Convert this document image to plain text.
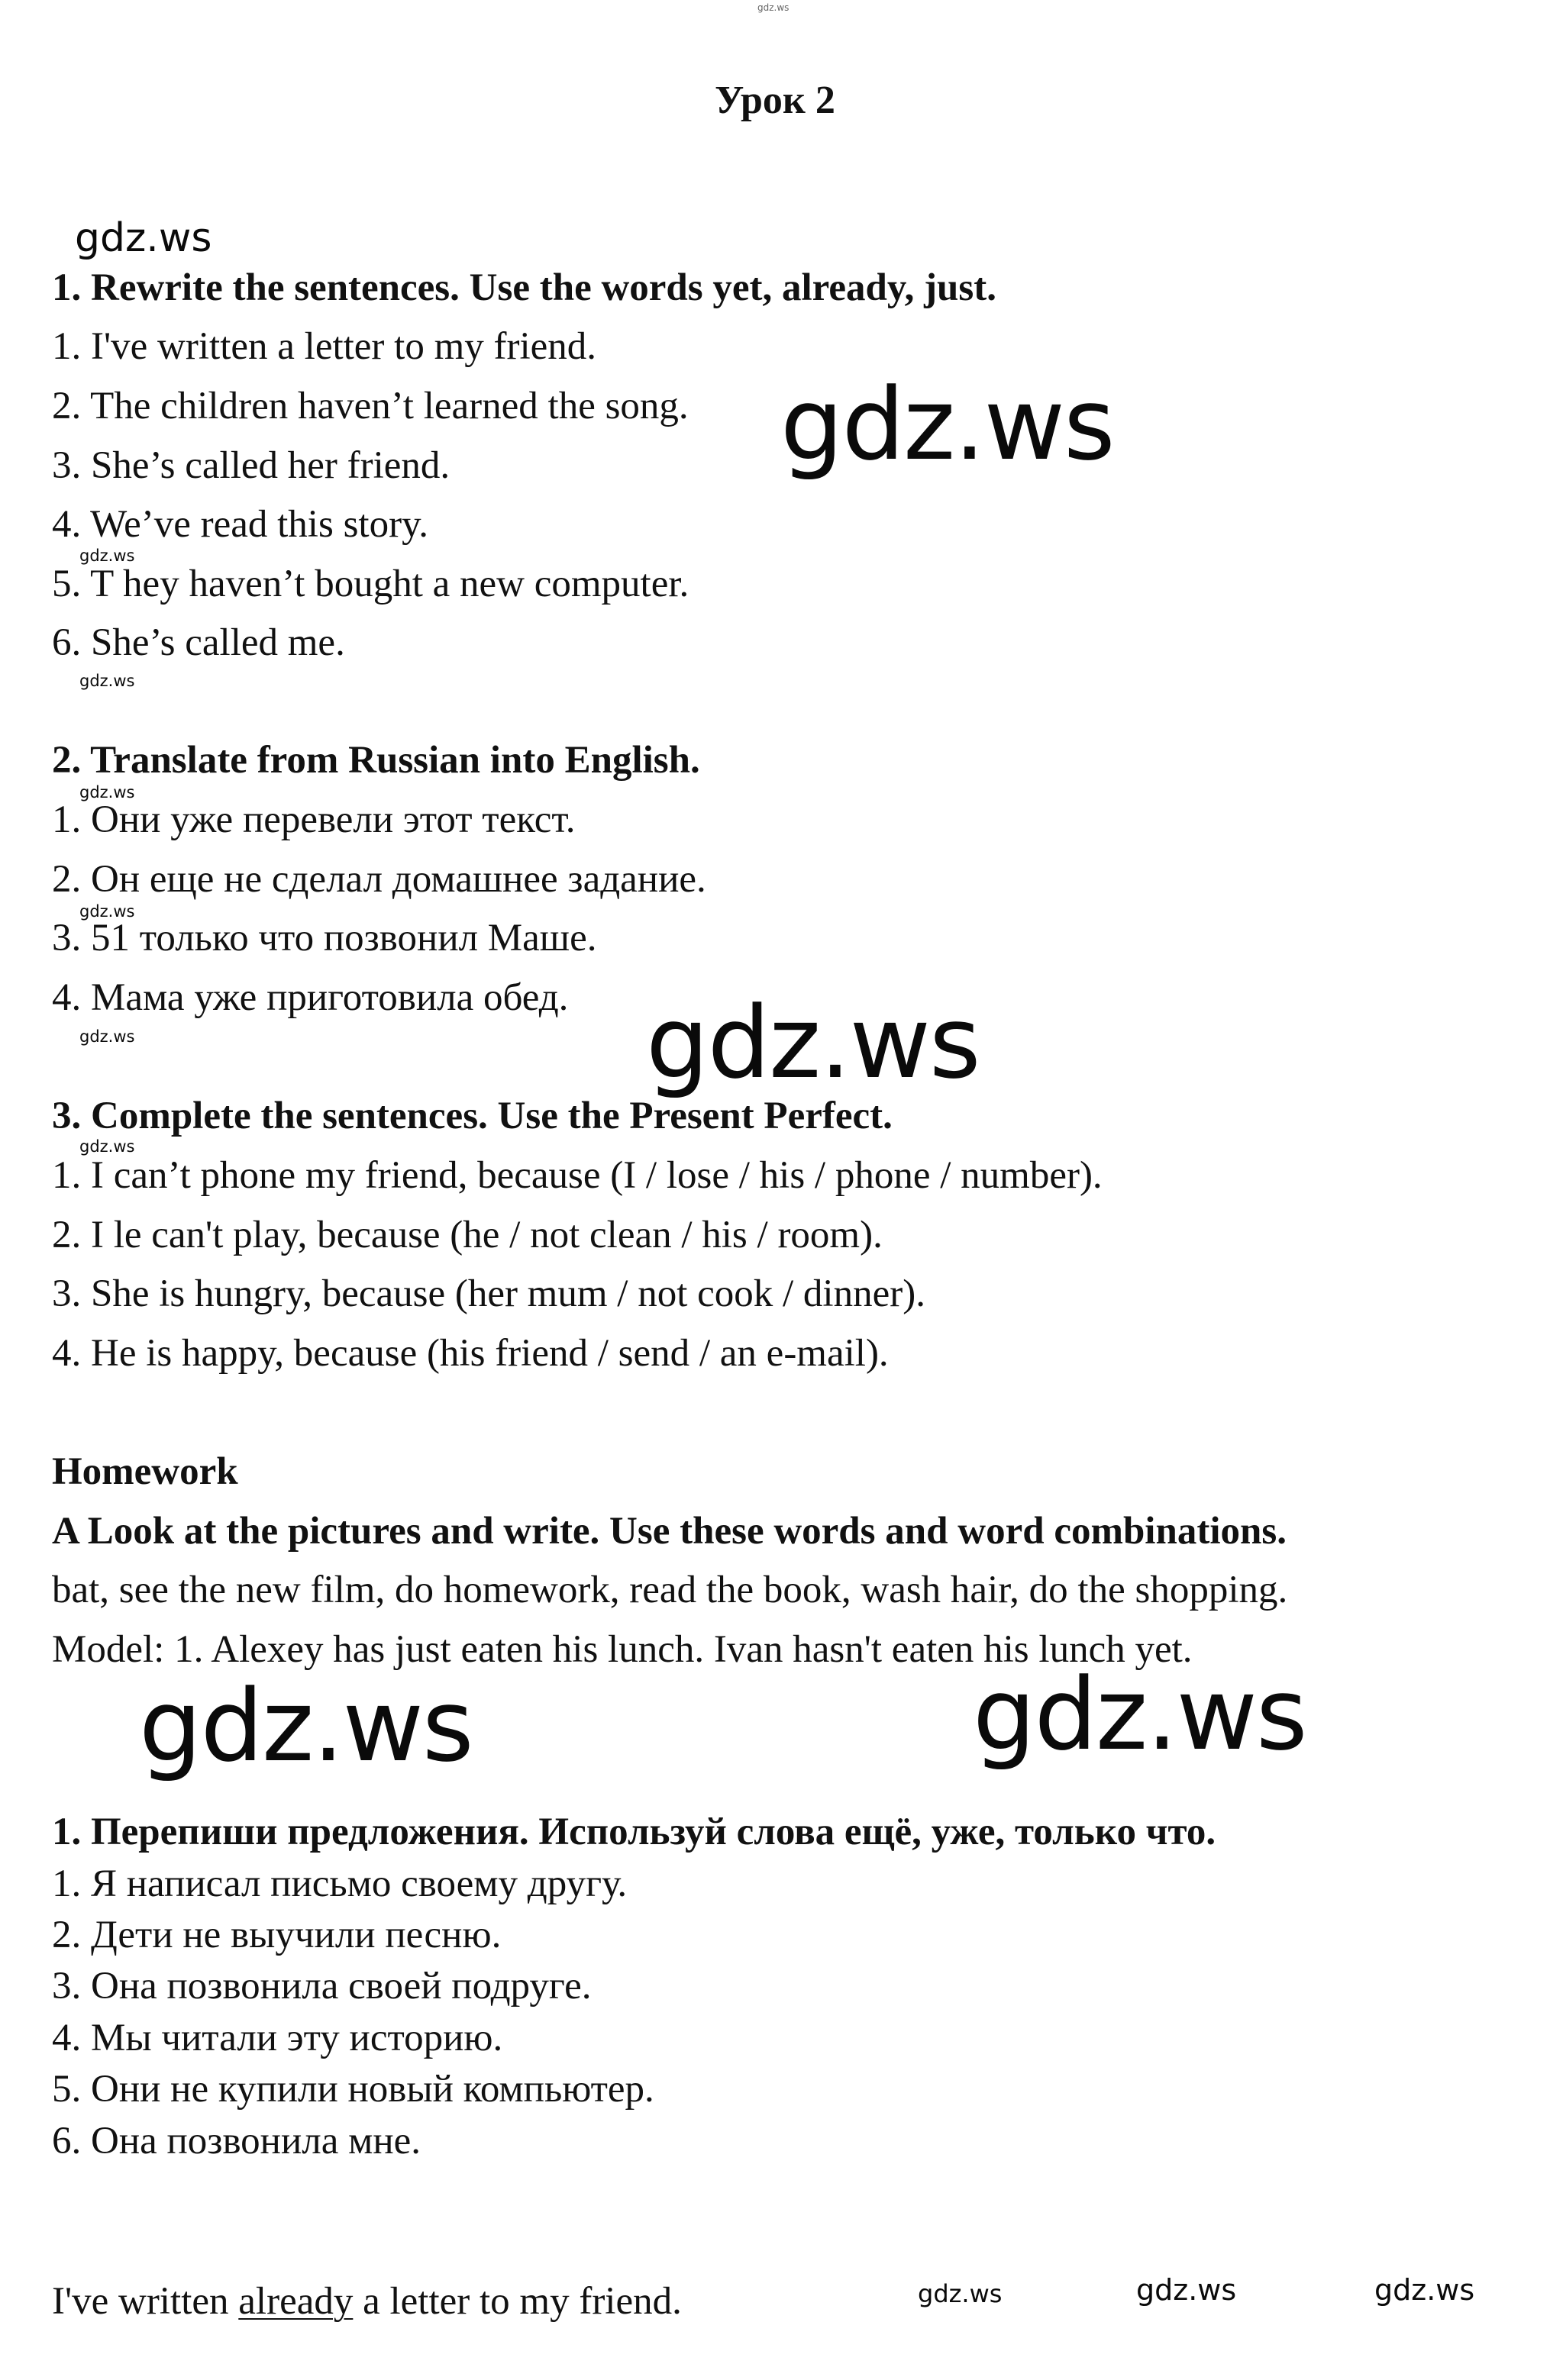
Урок 2
1. Rewrite the sentences. Use the words yet, already, just.
1. I've written a letter to my friend.
2. The children haven’t learned the song.
3. She’s called her friend.
4. We’ve read this story.
5. T hey haven’t bought a new computer.
6. She’s called me.
2. Translate from Russian into English.
1. Они уже перевели этот текст.
2. Он еще не сделал домашнее задание.
3. 51 только что позвонил Маше.
4. Мама уже приготовила обед.
3. Complete the sentences. Use the Present Perfect.
1. I can’t phone my friend, because (I / lose / his / phone / number).
2. I le can't play, because (he / not clean / his / room).
3. She is hungry, because (her mum / not cook / dinner).
4. He is happy, because (his friend / send / an e-mail).
Homework
A Look at the pictures and write. Use these words and word combinations.
bat, see the new film, do homework, read the book, wash hair, do the shopping.
Model: 1. Alexey has just eaten his lunch. Ivan hasn't eaten his lunch yet.
1. Перепиши предложения. Используй слова ещё, уже, только что.
1. Я написал письмо своему другу.
2. Дети не выучили песню.
3. Она позвонила своей подруге.
4. Мы читали эту историю.
5. Они не купили новый компьютер.
6. Она позвонила мне.
I've written already a letter to my friend.
gdz.ws
gdz.ws
gdz.ws
gdz.ws
gdz.ws
gdz.ws
gdz.ws
gdz.ws
gdz.ws
gdz.ws
gdz.ws	gdz.ws
gdz.ws	gdz.ws	gdz.ws
